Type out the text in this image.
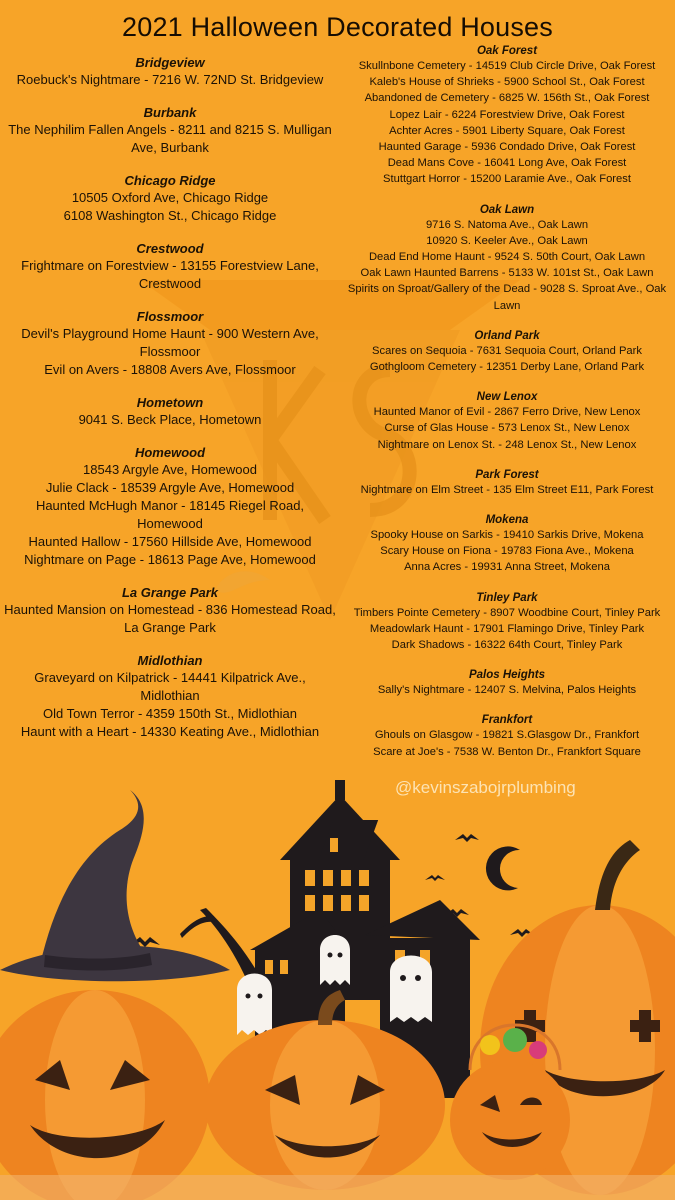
2021 Halloween Decorated Houses
Bridgeview
Roebuck's Nightmare - 7216 W. 72ND St. Bridgeview
Burbank
The Nephilim Fallen Angels - 8211 and 8215 S. Mulligan Ave, Burbank
Chicago Ridge
10505 Oxford Ave, Chicago Ridge
6108 Washington St., Chicago Ridge
Crestwood
Frightmare on Forestview - 13155 Forestview Lane, Crestwood
Flossmoor
Devil's Playground Home Haunt - 900 Western Ave, Flossmoor
Evil on Avers - 18808 Avers Ave, Flossmoor
Hometown
9041 S. Beck Place, Hometown
Homewood
18543 Argyle Ave, Homewood
Julie Clack - 18539 Argyle Ave, Homewood
Haunted McHugh Manor - 18145 Riegel Road, Homewood
Haunted Hallow - 17560 Hillside Ave, Homewood
Nightmare on Page - 18613 Page Ave, Homewood
La Grange Park
Haunted Mansion on Homestead - 836 Homestead Road, La Grange Park
Midlothian
Graveyard on Kilpatrick - 14441 Kilpatrick Ave., Midlothian
Old Town Terror - 4359 150th St., Midlothian
Haunt with a Heart - 14330 Keating Ave., Midlothian
Oak Forest
Skullnbone Cemetery - 14519 Club Circle Drive, Oak Forest
Kaleb's House of Shrieks - 5900 School St., Oak Forest
Abandoned de Cemetery - 6825 W. 156th St., Oak Forest
Lopez Lair - 6224 Forestview Drive, Oak Forest
Achter Acres - 5901 Liberty Square, Oak Forest
Haunted Garage - 5936 Condado Drive, Oak Forest
Dead Mans Cove - 16041 Long Ave, Oak Forest
Stuttgart Horror - 15200 Laramie Ave., Oak Forest
Oak Lawn
9716 S. Natoma Ave., Oak Lawn
10920 S. Keeler Ave., Oak Lawn
Dead End Home Haunt - 9524 S. 50th Court, Oak Lawn
Oak Lawn Haunted Barrens - 5133 W. 101st St., Oak Lawn
Spirits on Sproat/Gallery of the Dead - 9028 S. Sproat Ave., Oak Lawn
Orland Park
Scares on Sequoia - 7631 Sequoia Court, Orland Park
Gothgloom Cemetery - 12351 Derby Lane, Orland Park
New Lenox
Haunted Manor of Evil - 2867 Ferro Drive, New Lenox
Curse of Glas House - 573 Lenox St., New Lenox
Nightmare on Lenox St. - 248 Lenox St., New Lenox
Park Forest
Nightmare on Elm Street - 135 Elm Street E11, Park Forest
Mokena
Spooky House on Sarkis - 19410 Sarkis Drive, Mokena
Scary House on Fiona - 19783 Fiona Ave., Mokena
Anna Acres - 19931 Anna Street, Mokena
Tinley Park
Timbers Pointe Cemetery - 8907 Woodbine Court, Tinley Park
Meadowlark Haunt - 17901 Flamingo Drive, Tinley Park
Dark Shadows - 16322 64th Court, Tinley Park
Palos Heights
Sally's Nightmare - 12407 S. Melvina, Palos Heights
Frankfort
Ghouls on Glasgow - 19821 S.Glasgow Dr., Frankfort
Scare at Joe's - 7538 W. Benton Dr., Frankfort Square
@kevinszabojrplumbing
